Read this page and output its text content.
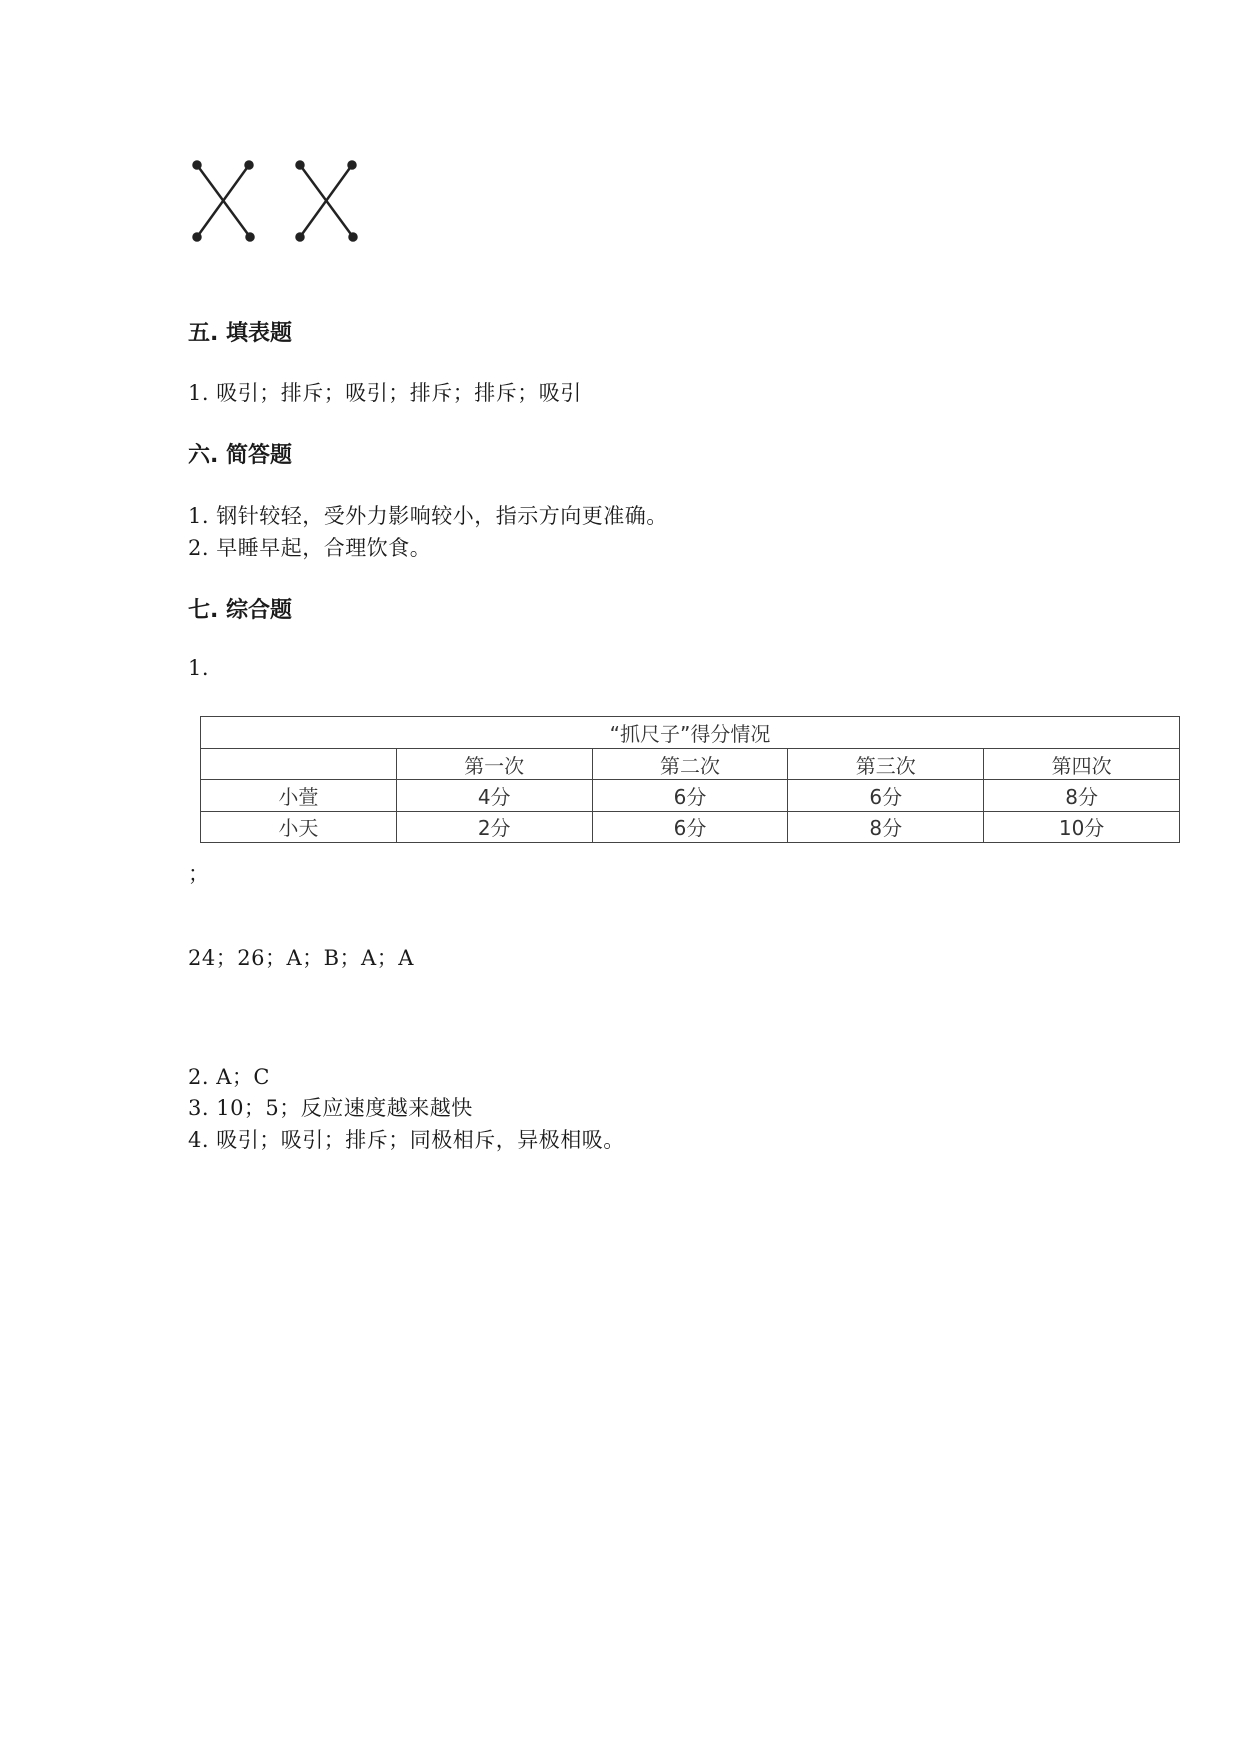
五. 填表题
1. 吸引；排斥；吸引；排斥；排斥；吸引
六. 简答题
1. 钢针较轻，受外力影响较小，指示方向更准确。
2. 早睡早起，合理饮食。
七. 综合题
1.
“抓尺子”得分情况				
	第一次	第二次	第三次	第四次
小萱	4分	6分	6分	8分
小天	2分	6分	8分	10分
；
24；26；A；B；A；A
2. A；C
3. 10；5；反应速度越来越快
4. 吸引；吸引；排斥；同极相斥，异极相吸。
